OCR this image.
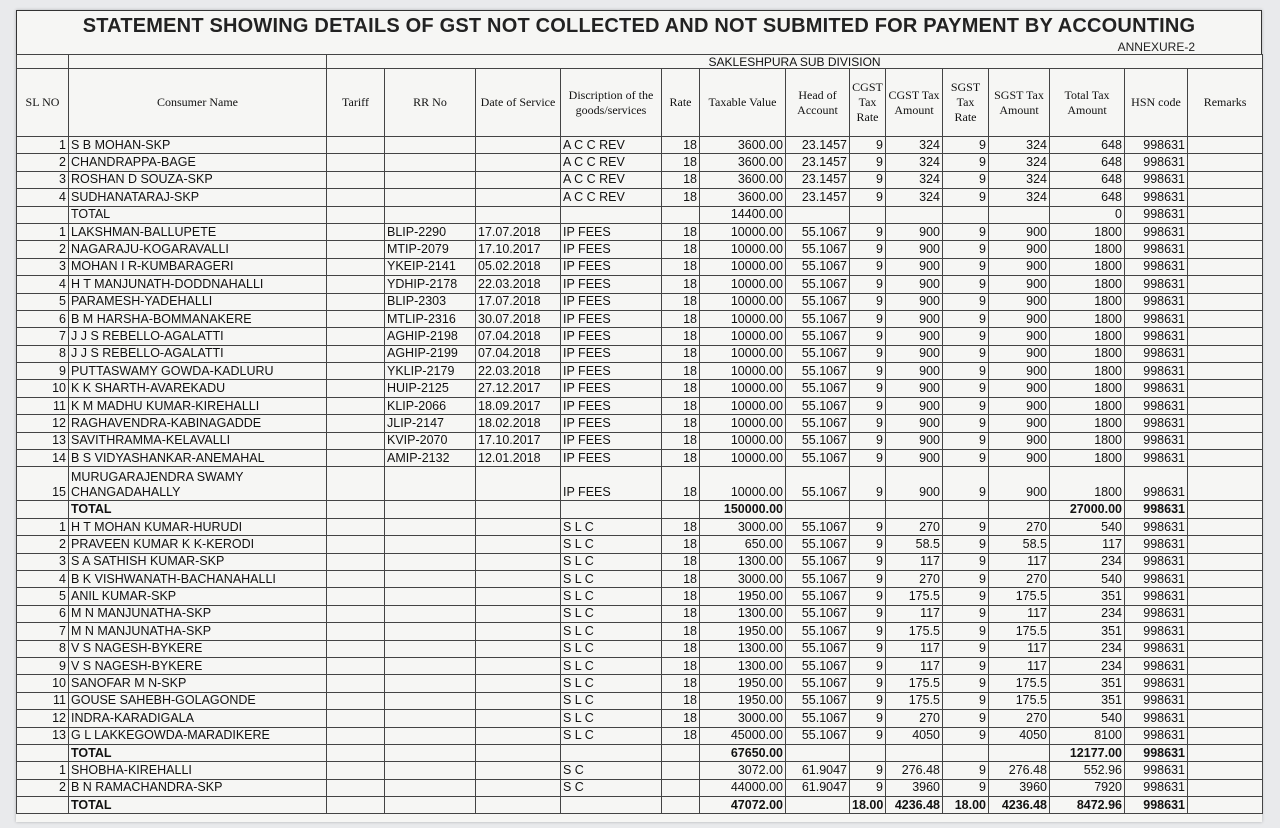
STATEMENT SHOWING DETAILS OF GST NOT COLLECTED AND NOT SUBMITED FOR PAYMENT BY ACCOUNTING
ANNEXURE-2
		SAKLESHPURA SUB DIVISION													
SL NO	Consumer Name	Tariff	RR No	Date of Service	Discription of the goods/services	Rate	Taxable Value	Head of Account	CGST Tax Rate	CGST Tax Amount	SGST Tax Rate	SGST Tax Amount	Total Tax Amount	HSN code	Remarks
1	S B MOHAN-SKP				A C C REV	18	3600.00	23.1457	9	324	9	324	648	998631	
2	CHANDRAPPA-BAGE				A C C REV	18	3600.00	23.1457	9	324	9	324	648	998631	
3	ROSHAN D SOUZA-SKP				A C C REV	18	3600.00	23.1457	9	324	9	324	648	998631	
4	SUDHANATARAJ-SKP				A C C REV	18	3600.00	23.1457	9	324	9	324	648	998631	
	TOTAL						14400.00						0	998631	
1	LAKSHMAN-BALLUPETE		BLIP-2290	17.07.2018	IP FEES	18	10000.00	55.1067	9	900	9	900	1800	998631	
2	NAGARAJU-KOGARAVALLI		MTIP-2079	17.10.2017	IP FEES	18	10000.00	55.1067	9	900	9	900	1800	998631	
3	MOHAN I R-KUMBARAGERI		YKEIP-2141	05.02.2018	IP FEES	18	10000.00	55.1067	9	900	9	900	1800	998631	
4	H T MANJUNATH-DODDNAHALLI		YDHIP-2178	22.03.2018	IP FEES	18	10000.00	55.1067	9	900	9	900	1800	998631	
5	PARAMESH-YADEHALLI		BLIP-2303	17.07.2018	IP FEES	18	10000.00	55.1067	9	900	9	900	1800	998631	
6	B M HARSHA-BOMMANAKERE		MTLIP-2316	30.07.2018	IP FEES	18	10000.00	55.1067	9	900	9	900	1800	998631	
7	J J S REBELLO-AGALATTI		AGHIP-2198	07.04.2018	IP FEES	18	10000.00	55.1067	9	900	9	900	1800	998631	
8	J J S REBELLO-AGALATTI		AGHIP-2199	07.04.2018	IP FEES	18	10000.00	55.1067	9	900	9	900	1800	998631	
9	PUTTASWAMY GOWDA-KADLURU		YKLIP-2179	22.03.2018	IP FEES	18	10000.00	55.1067	9	900	9	900	1800	998631	
10	K K SHARTH-AVAREKADU		HUIP-2125	27.12.2017	IP FEES	18	10000.00	55.1067	9	900	9	900	1800	998631	
11	K M MADHU KUMAR-KIREHALLI		KLIP-2066	18.09.2017	IP FEES	18	10000.00	55.1067	9	900	9	900	1800	998631	
12	RAGHAVENDRA-KABINAGADDE		JLIP-2147	18.02.2018	IP FEES	18	10000.00	55.1067	9	900	9	900	1800	998631	
13	SAVITHRAMMA-KELAVALLI		KVIP-2070	17.10.2017	IP FEES	18	10000.00	55.1067	9	900	9	900	1800	998631	
14	B S VIDYASHANKAR-ANEMAHAL		AMIP-2132	12.01.2018	IP FEES	18	10000.00	55.1067	9	900	9	900	1800	998631	
15	MURUGARAJENDRA SWAMY CHANGADAHALLY				IP FEES	18	10000.00	55.1067	9	900	9	900	1800	998631	
	TOTAL						150000.00						27000.00	998631	
1	H T MOHAN KUMAR-HURUDI				S L C	18	3000.00	55.1067	9	270	9	270	540	998631	
2	PRAVEEN KUMAR K K-KERODI				S L C	18	650.00	55.1067	9	58.5	9	58.5	117	998631	
3	S A SATHISH KUMAR-SKP				S L C	18	1300.00	55.1067	9	117	9	117	234	998631	
4	B K VISHWANATH-BACHANAHALLI				S L C	18	3000.00	55.1067	9	270	9	270	540	998631	
5	ANIL KUMAR-SKP				S L C	18	1950.00	55.1067	9	175.5	9	175.5	351	998631	
6	M N MANJUNATHA-SKP				S L C	18	1300.00	55.1067	9	117	9	117	234	998631	
7	M N MANJUNATHA-SKP				S L C	18	1950.00	55.1067	9	175.5	9	175.5	351	998631	
8	V S NAGESH-BYKERE				S L C	18	1300.00	55.1067	9	117	9	117	234	998631	
9	V S NAGESH-BYKERE				S L C	18	1300.00	55.1067	9	117	9	117	234	998631	
10	SANOFAR M N-SKP				S L C	18	1950.00	55.1067	9	175.5	9	175.5	351	998631	
11	GOUSE SAHEBH-GOLAGONDE				S L C	18	1950.00	55.1067	9	175.5	9	175.5	351	998631	
12	INDRA-KARADIGALA				S L C	18	3000.00	55.1067	9	270	9	270	540	998631	
13	G L LAKKEGOWDA-MARADIKERE				S L C	18	45000.00	55.1067	9	4050	9	4050	8100	998631	
	TOTAL						67650.00						12177.00	998631	
1	SHOBHA-KIREHALLI				S C		3072.00	61.9047	9	276.48	9	276.48	552.96	998631	
2	B N RAMACHANDRA-SKP				S C		44000.00	61.9047	9	3960	9	3960	7920	998631	
	TOTAL						47072.00		18.00	4236.48	18.00	4236.48	8472.96	998631	
